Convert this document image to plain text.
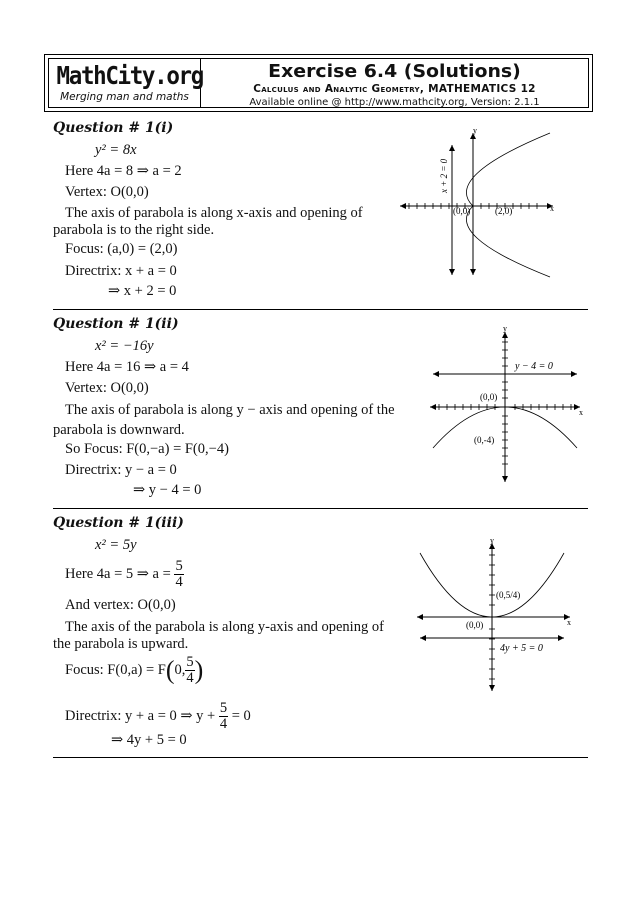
MathCity.org
Merging man and maths
Exercise 6.4 (Solutions)
Calculus and Analytic Geometry, MATHEMATICS 12
Available online @ http://www.mathcity.org, Version: 2.1.1
Question # 1(i)
y² = 8x
Here 4a = 8 ⇒ a = 2
Vertex: O(0,0)
The axis of parabola is along x-axis and opening of
parabola is to the right side.
Focus: (a,0) = (2,0)
Directrix: x + a = 0
⇒ x + 2 = 0
y
x
(0,0)	(2,0)
x + 2 = 0
Question # 1(ii)
x² = −16y
Here 4a = 16 ⇒ a = 4
Vertex: O(0,0)
The axis of parabola is along y − axis and opening of the
parabola is downward.
So Focus: F(0,−a) = F(0,−4)
Directrix: y − a = 0
⇒ y − 4 = 0
y
x
(0,0)
(0,-4)
y − 4 = 0
Question # 1(iii)
x² = 5y
Here 4a = 5 ⇒ $a = \frac{5}{4}$
And vertex: O(0,0)
The axis of the parabola is along y-axis and opening of
the parabola is upward.
Focus: F(0,a) = F(0, $\frac{5}{4}$ )
Directrix: y + a = 0 ⇒ $y + \frac{5}{4} = 0$
⇒ 4y + 5 = 0
y
x
(0,0)
(0,5/4)
4y + 5 = 0
